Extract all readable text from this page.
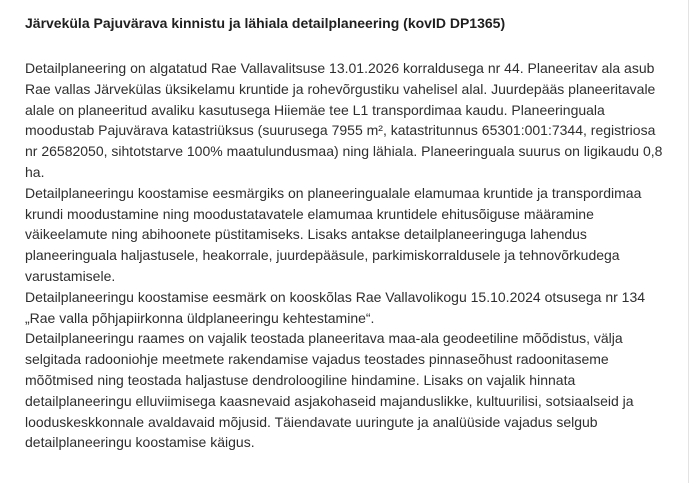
Järveküla Pajuvärava kinnistu ja lähiala detailplaneering (kovID DP1365)

Detailplaneering on algatatud Rae Vallavalitsuse 13.01.2026 korraldusega nr 44. Planeeritav ala asub Rae vallas Järvekülas üksikelamu kruntide ja rohevõrgustiku vahelisel alal. Juurdepääs planeeritavale alale on planeeritud avaliku kasutusega Hiiemäe tee L1 transpordimaa kaudu. Planeeringuala moodustab Pajuvärava katastriüksus (suurusega 7955 m², katastritunnus 65301:001:7344, registriosa nr 26582050, sihtotstarve 100% maatulundusmaa) ning lähiala. Planeeringuala suurus on ligikaudu 0,8 ha.

Detailplaneeringu koostamise eesmärgiks on planeeringualale elamumaa kruntide ja transpordimaa krundi moodustamine ning moodustatavatele elamumaa kruntidele ehitusõiguse määramine väikeelamute ning abihoonete püstitamiseks. Lisaks antakse detailplaneeringuga lahendus planeeringuala haljastusele, heakorrale, juurdepääsule, parkimiskorraldusele ja tehnovõrkudega varustamisele.

Detailplaneeringu koostamise eesmärk on kooskõlas Rae Vallavolikogu 15.10.2024 otsusega nr 134 „Rae valla põhjapiirkonna üldplaneeringu kehtestamine“.

Detailplaneeringu raames on vajalik teostada planeeritava maa-ala geodeetiline mõõdistus, välja selgitada radooniohje meetmete rakendamise vajadus teostades pinnaseõhust radoonitaseme mõõtmised ning teostada haljastuse dendroloogiline hindamine. Lisaks on vajalik hinnata detailplaneeringu elluviimisega kaasnevaid asjakohaseid majanduslikke, kultuurilisi, sotsiaalseid ja looduskeskkonnale avaldavaid mõjusid. Täiendavate uuringute ja analüüside vajadus selgub detailplaneeringu koostamise käigus.
